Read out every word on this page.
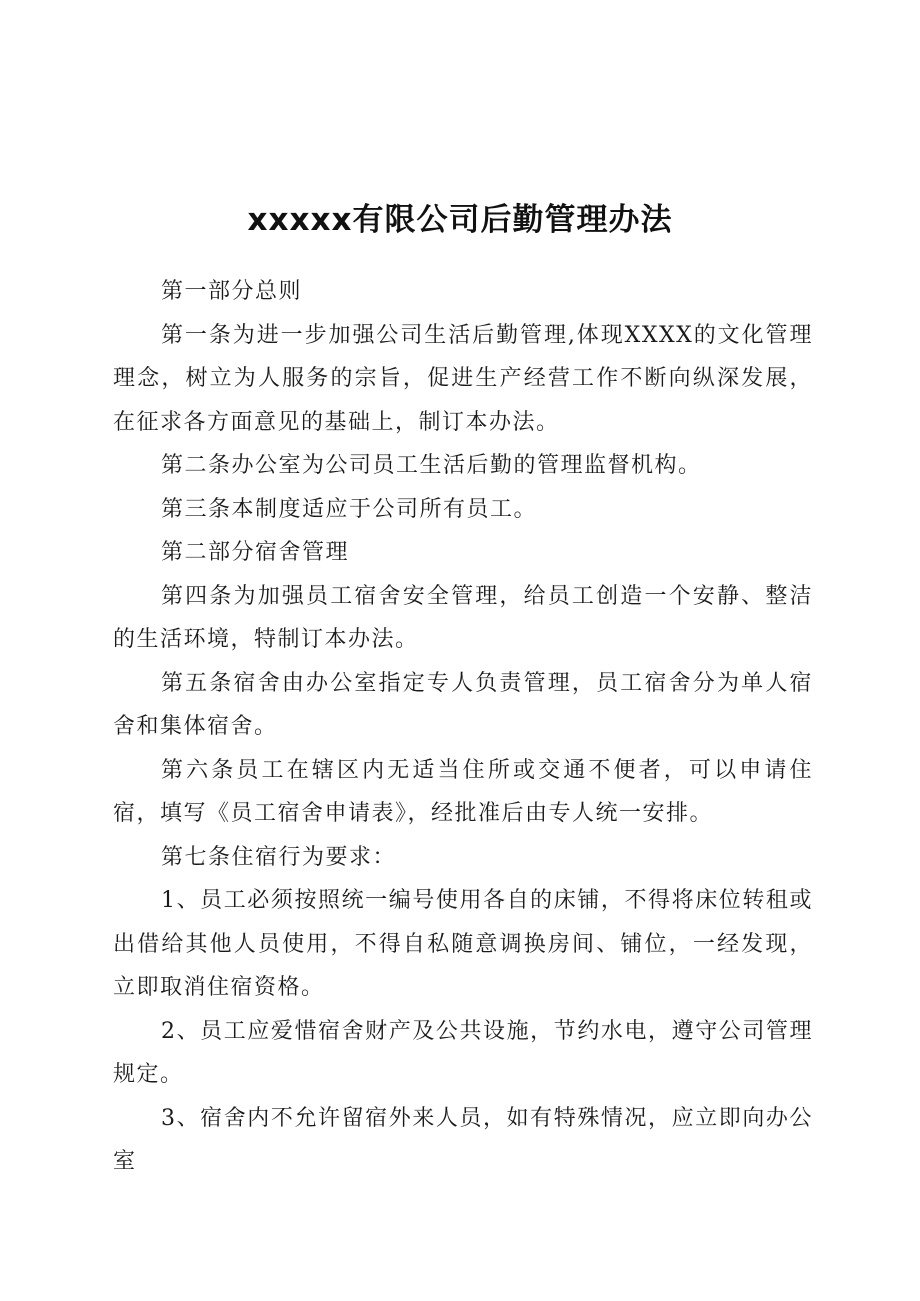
xxxxx有限公司后勤管理办法

第一部分总则

第一条为进一步加强公司生活后勤管理,体现XXXX的文化管理理念，树立为人服务的宗旨，促进生产经营工作不断向纵深发展，在征求各方面意见的基础上，制订本办法。

第二条办公室为公司员工生活后勤的管理监督机构。

第三条本制度适应于公司所有员工。

第二部分宿舍管理

第四条为加强员工宿舍安全管理，给员工创造一个安静、整洁的生活环境，特制订本办法。

第五条宿舍由办公室指定专人负责管理，员工宿舍分为单人宿舍和集体宿舍。

第六条员工在辖区内无适当住所或交通不便者，可以申请住宿，填写《员工宿舍申请表》，经批准后由专人统一安排。

第七条住宿行为要求：

1、员工必须按照统一编号使用各自的床铺，不得将床位转租或出借给其他人员使用，不得自私随意调换房间、铺位，一经发现，立即取消住宿资格。

2、员工应爱惜宿舍财产及公共设施，节约水电，遵守公司管理规定。

3、宿舍内不允许留宿外来人员，如有特殊情况，应立即向办公室
